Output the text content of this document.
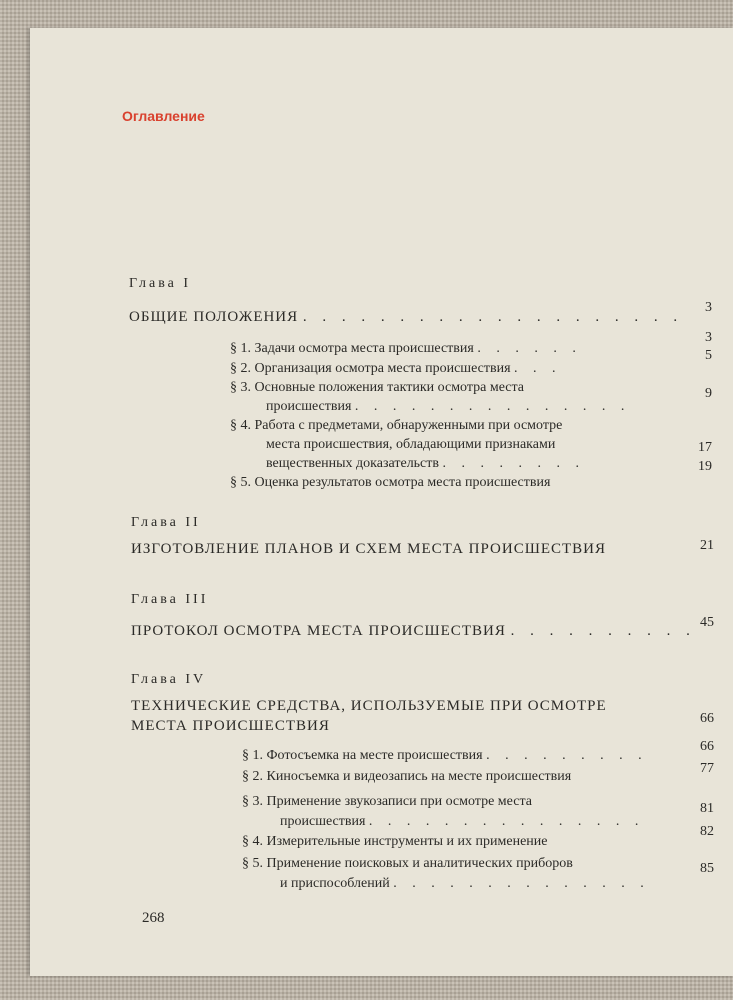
Оглавление
Глава I
ОБЩИЕ ПОЛОЖЕНИЯ . . . . . . . . . . . . . . . . . . . .
3
§ 1. Задачи осмотра места происшествия . . . . . .
3
§ 2. Организация осмотра места происшествия . . .
5
§ 3. Основные положения тактики осмотра места
происшествия . . . . . . . . . . . . . . .
9
§ 4. Работа с предметами, обнаруженными при осмотре
места происшествия, обладающими признаками
вещественных доказательств . . . . . . . .
17
§ 5. Оценка результатов осмотра места происшествия
19
Глава II
ИЗГОТОВЛЕНИЕ ПЛАНОВ И СХЕМ МЕСТА ПРОИСШЕСТВИЯ	21
Глава III
ПРОТОКОЛ ОСМОТРА МЕСТА ПРОИСШЕСТВИЯ . . . . . . . . . .
45
Глава IV
ТЕХНИЧЕСКИЕ СРЕДСТВА, ИСПОЛЬЗУЕМЫЕ ПРИ ОСМОТРЕ
МЕСТА ПРОИСШЕСТВИЯ	66
§ 1. Фотосъемка на месте происшествия . . . . . . . . .
66
§ 2. Киносъемка и видеозапись на месте происшествия
77
§ 3. Применение звукозаписи при осмотре места
происшествия . . . . . . . . . . . . . . .
81
§ 4. Измерительные инструменты и их применение
82
§ 5. Применение поисковых и аналитических приборов
и приспособлений . . . . . . . . . . . . . .
85
268
